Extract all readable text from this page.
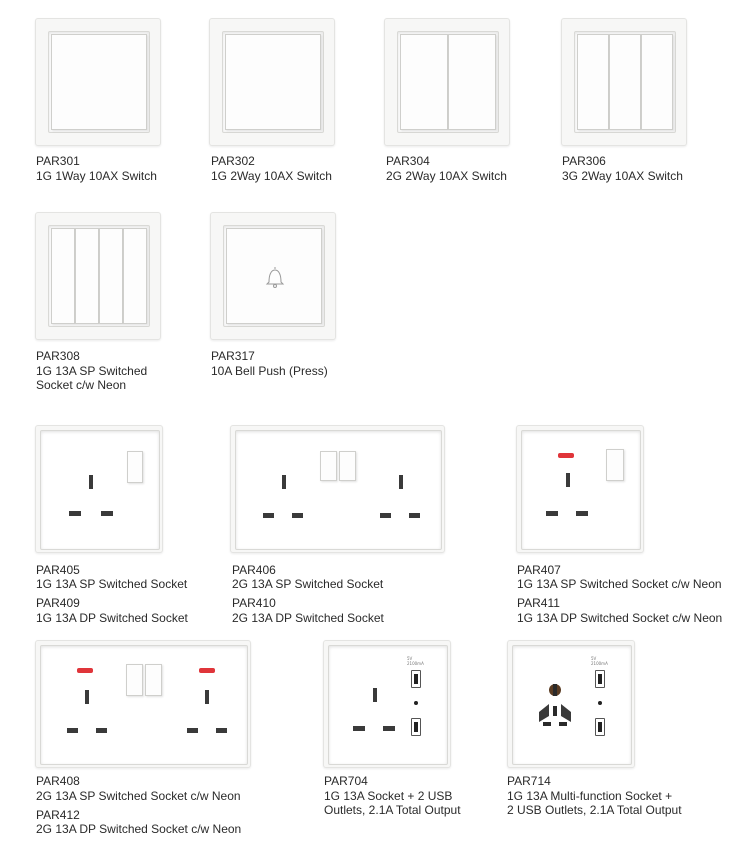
PAR301
1G 1Way 10AX Switch
PAR302
1G 2Way 10AX Switch
PAR304
2G 2Way 10AX Switch
PAR306
3G 2Way 10AX Switch
PAR308
1G 13A SP Switched
Socket c/w Neon
PAR317
10A Bell Push (Press)
PAR405
1G 13A SP Switched Socket
PAR409
1G 13A DP Switched Socket
PAR406
2G 13A SP Switched Socket
PAR410
2G 13A DP Switched Socket
PAR407
1G 13A SP Switched Socket c/w Neon
PAR411
1G 13A DP Switched Socket c/w Neon
PAR408
2G 13A SP Switched Socket c/w Neon
PAR412
2G 13A DP Switched Socket c/w Neon
5V 2100mA
PAR704
1G 13A Socket + 2 USB
Outlets, 2.1A Total Output
5V 2100mA
PAR714
1G 13A Multi-function Socket +
2 USB Outlets, 2.1A Total Output
